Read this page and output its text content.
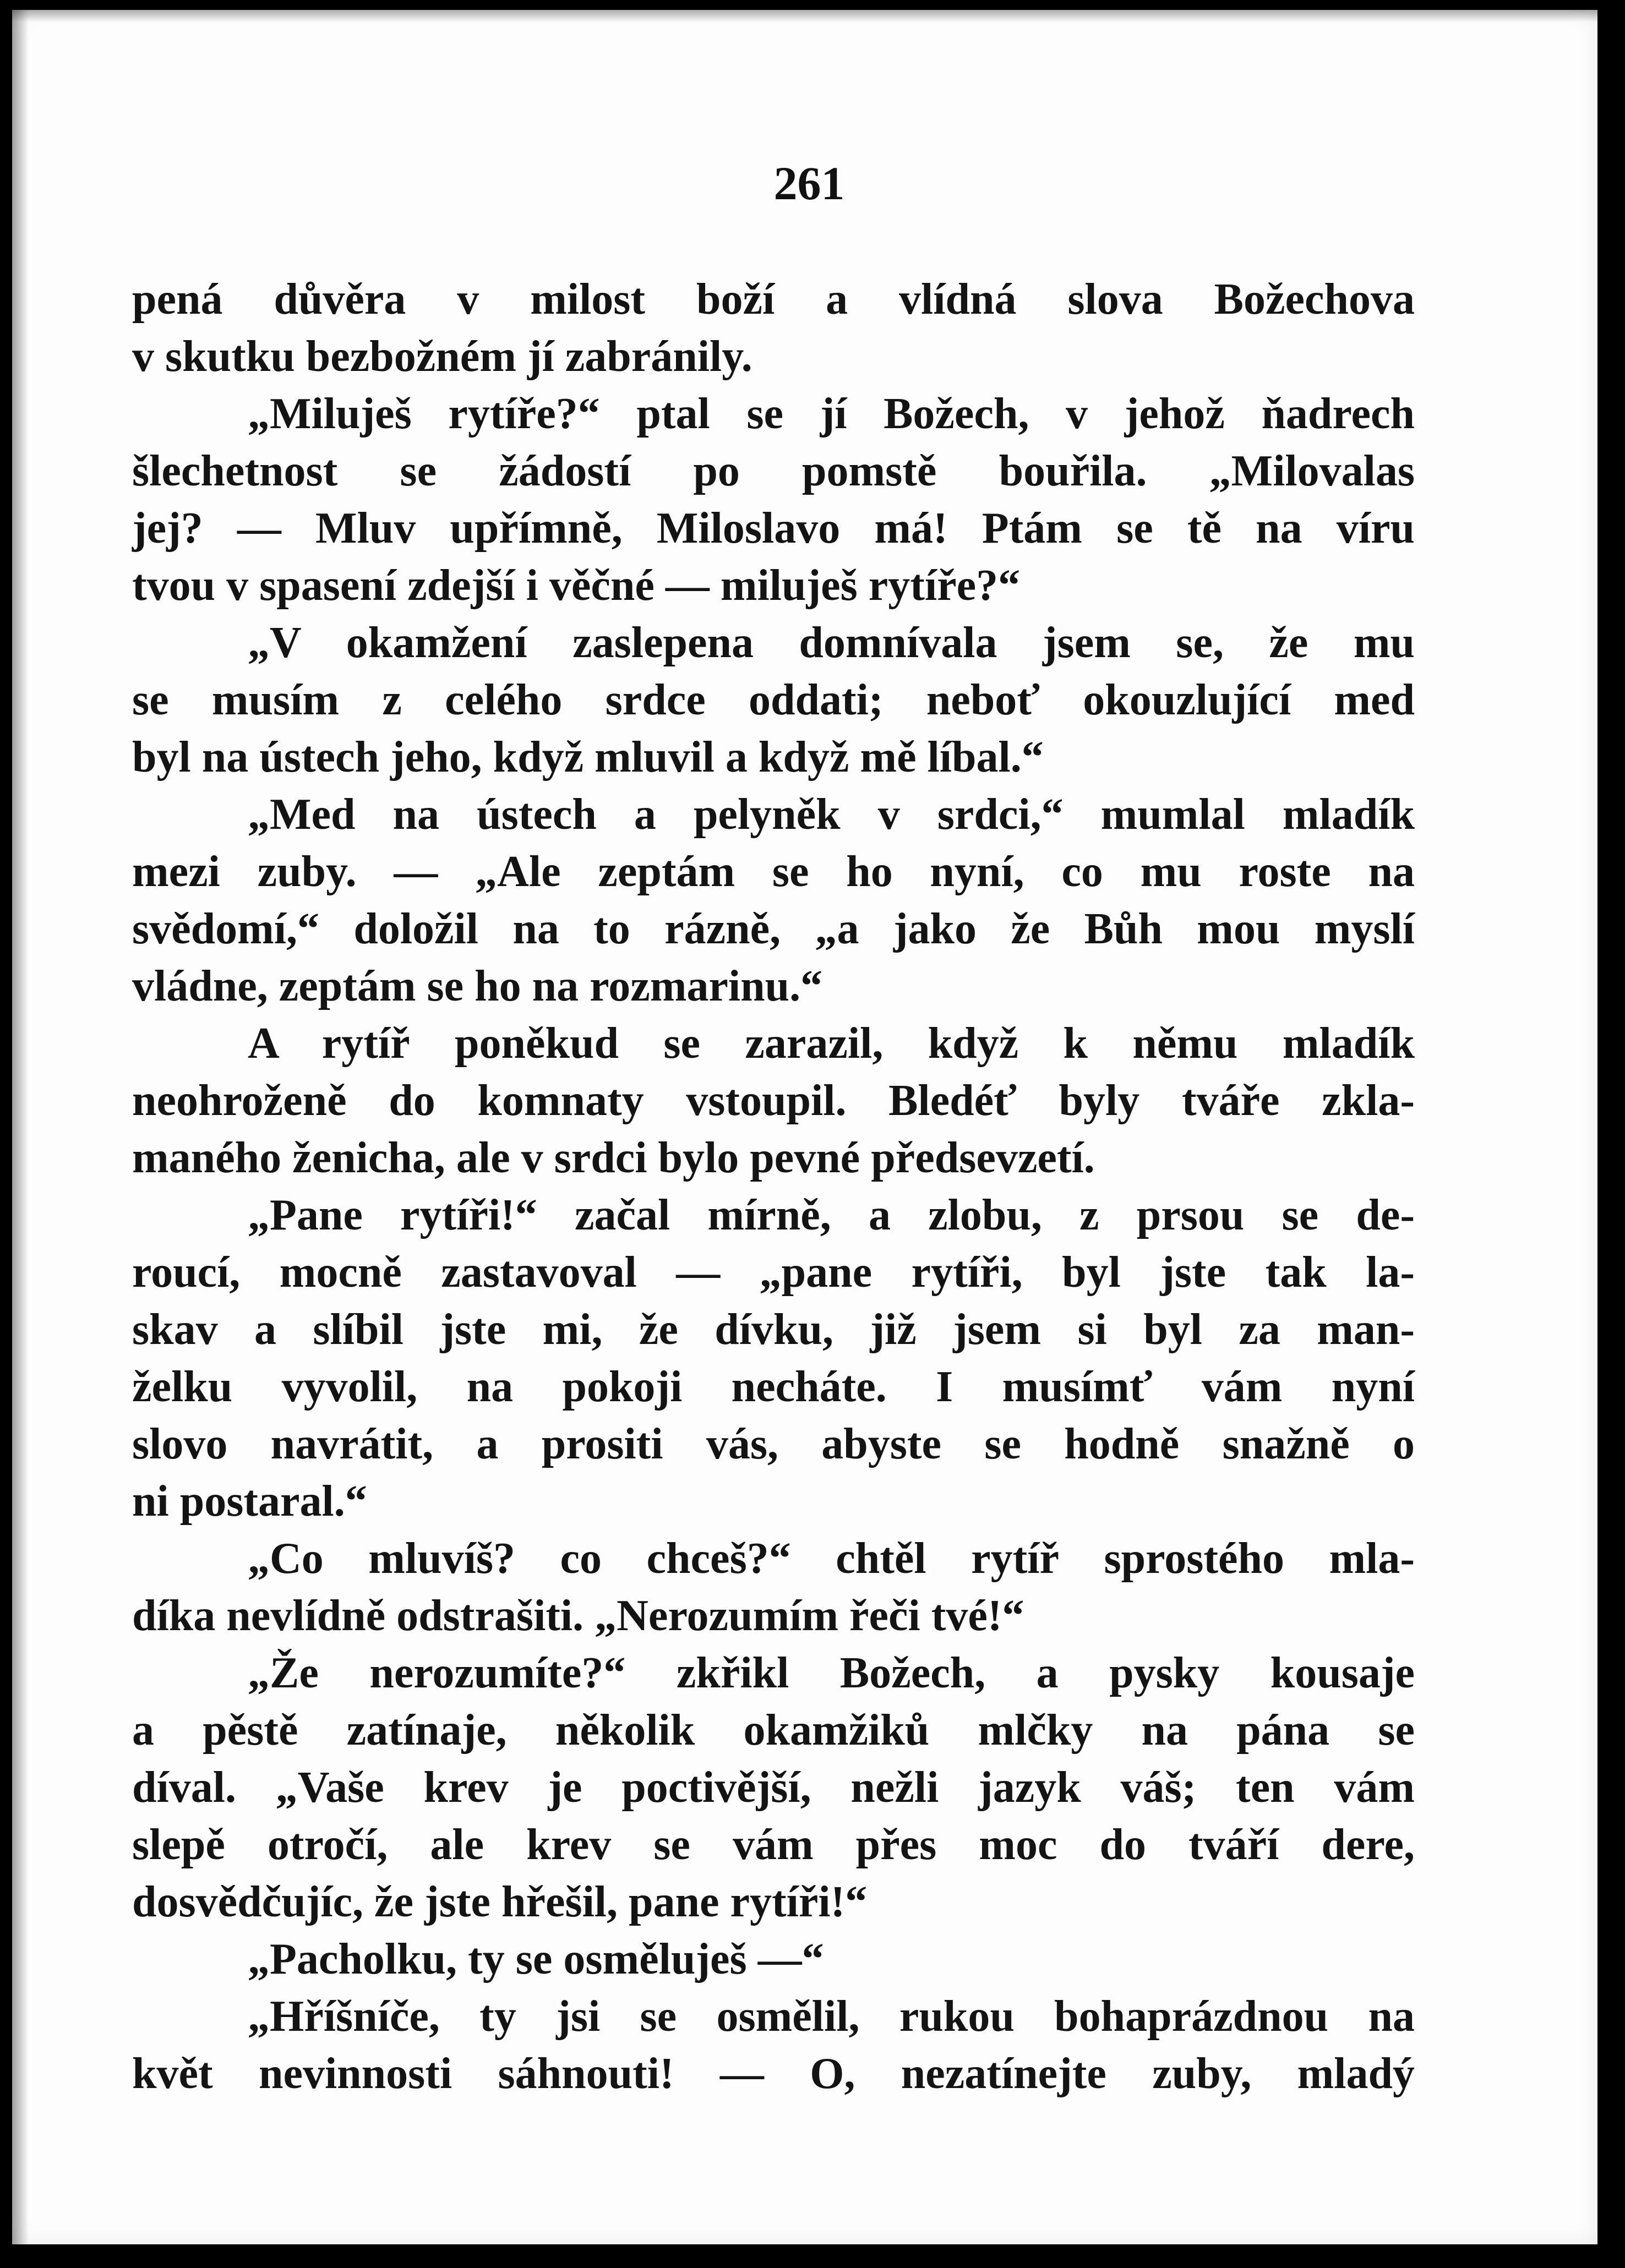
261
pená důvěra v milost boží a vlídná slova Božechova
v skutku bezbožném jí zabránily.
„Miluješ rytíře?“ ptal se jí Božech, v jehož ňadrech
šlechetnost se žádostí po pomstě bouřila. „Milovalas
jej? — Mluv upřímně, Miloslavo má! Ptám se tě na víru
tvou v spasení zdejší i věčné — miluješ rytíře?“
„V okamžení zaslepena domnívala jsem se, že mu
se musím z celého srdce oddati; neboť okouzlující med
byl na ústech jeho, když mluvil a když mě líbal.“
„Med na ústech a pelyněk v srdci,“ mumlal mladík
mezi zuby. — „Ale zeptám se ho nyní, co mu roste na
svědomí,“ doložil na to rázně, „a jako že Bůh mou myslí
vládne, zeptám se ho na rozmarinu.“
A rytíř poněkud se zarazil, když k němu mladík
neohroženě do komnaty vstoupil. Bledéť byly tváře zkla-
maného ženicha, ale v srdci bylo pevné předsevzetí.
„Pane rytíři!“ začal mírně, a zlobu, z prsou se de-
roucí, mocně zastavoval — „pane rytíři, byl jste tak la-
skav a slíbil jste mi, že dívku, již jsem si byl za man-
želku vyvolil, na pokoji necháte. I musímť vám nyní
slovo navrátit, a prositi vás, abyste se hodně snažně o
ni postaral.“
„Co mluvíš? co chceš?“ chtěl rytíř sprostého mla-
díka nevlídně odstrašiti. „Nerozumím řeči tvé!“
„Že nerozumíte?“ zkřikl Božech, a pysky kousaje
a pěstě zatínaje, několik okamžiků mlčky na pána se
díval. „Vaše krev je poctivější, nežli jazyk váš; ten vám
slepě otročí, ale krev se vám přes moc do tváří dere,
dosvědčujíc, že jste hřešil, pane rytíři!“
„Pacholku, ty se osměluješ —“
„Hříšníče, ty jsi se osmělil, rukou bohaprázdnou na
květ nevinnosti sáhnouti! — O, nezatínejte zuby, mladý
